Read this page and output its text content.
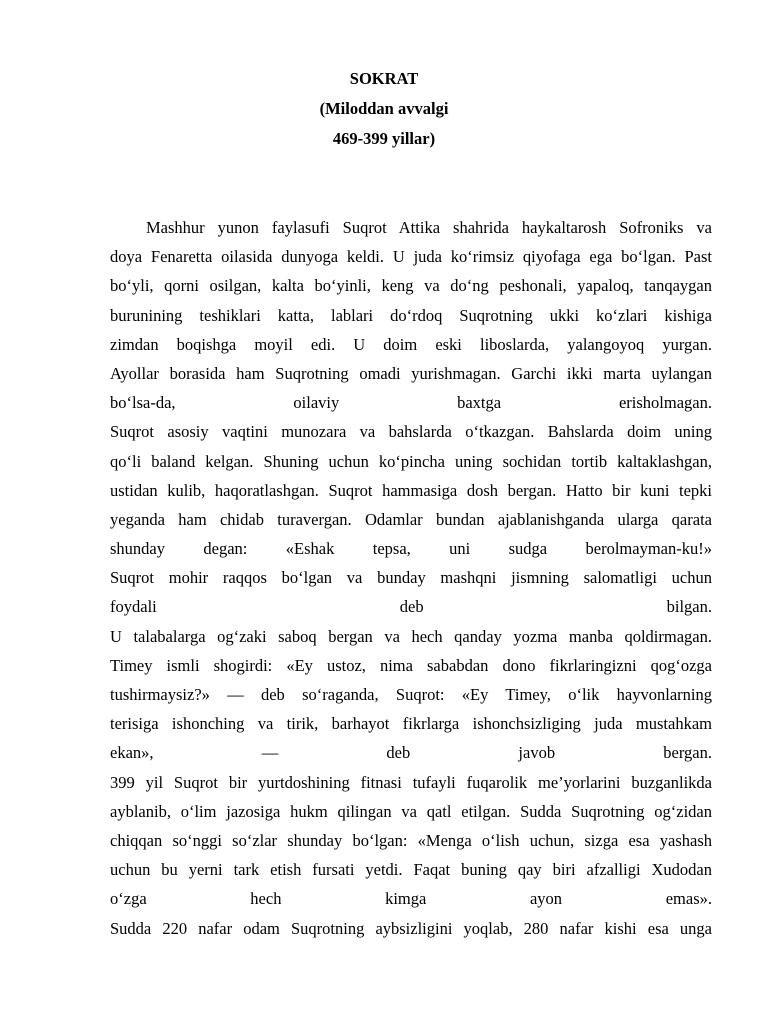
SOKRAT
(Miloddan avvalgi
469-399 yillar)
Mashhur yunon faylasufi Suqrot Attika shahrida haykaltarosh Sofroniks va
doya Fenaretta oilasida dunyoga keldi. U juda ko‘rimsiz qiyofaga ega bo‘lgan. Past
bo‘yli, qorni osilgan, kalta bo‘yinli, keng va do‘ng peshonali, yapaloq, tanqaygan
burunining teshiklari katta, lablari do‘rdoq Suqrotning ukki ko‘zlari kishiga
zimdan boqishga moyil edi. U doim eski liboslarda, yalangoyoq yurgan.
Ayollar borasida ham Suqrotning omadi yurishmagan. Garchi ikki marta uylangan
bo‘lsa-da, oilaviy baxtga erisholmagan.
Suqrot asosiy vaqtini munozara va bahslarda o‘tkazgan. Bahslarda doim uning
qo‘li baland kelgan. Shuning uchun ko‘pincha uning sochidan tortib kaltaklashgan,
ustidan kulib, haqoratlashgan. Suqrot hammasiga dosh bergan. Hatto bir kuni tepki
yeganda ham chidab turavergan. Odamlar bundan ajablanishganda ularga qarata
shunday degan: «Eshak tepsa, uni sudga berolmayman-ku!»
Suqrot mohir raqqos bo‘lgan va bunday mashqni jismning salomatligi uchun
foydali deb bilgan.
U talabalarga og‘zaki saboq bergan va hech qanday yozma manba qoldirmagan.
Timey ismli shogirdi: «Ey ustoz, nima sababdan dono fikrlaringizni qog‘ozga
tushirmaysiz?» — deb so‘raganda, Suqrot: «Ey Timey, o‘lik hayvonlarning
terisiga ishonching va tirik, barhayot fikrlarga ishonchsizliging juda mustahkam
ekan», — deb javob bergan.
399 yil Suqrot bir yurtdoshining fitnasi tufayli fuqarolik me’yorlarini buzganlikda
ayblanib, o‘lim jazosiga hukm qilingan va qatl etilgan. Sudda Suqrotning og‘zidan
chiqqan so‘nggi so‘zlar shunday bo‘lgan: «Menga o‘lish uchun, sizga esa yashash
uchun bu yerni tark etish fursati yetdi. Faqat buning qay biri afzalligi Xudodan
o‘zga hech kimga ayon emas».
Sudda 220 nafar odam Suqrotning aybsizligini yoqlab, 280 nafar kishi esa unga
